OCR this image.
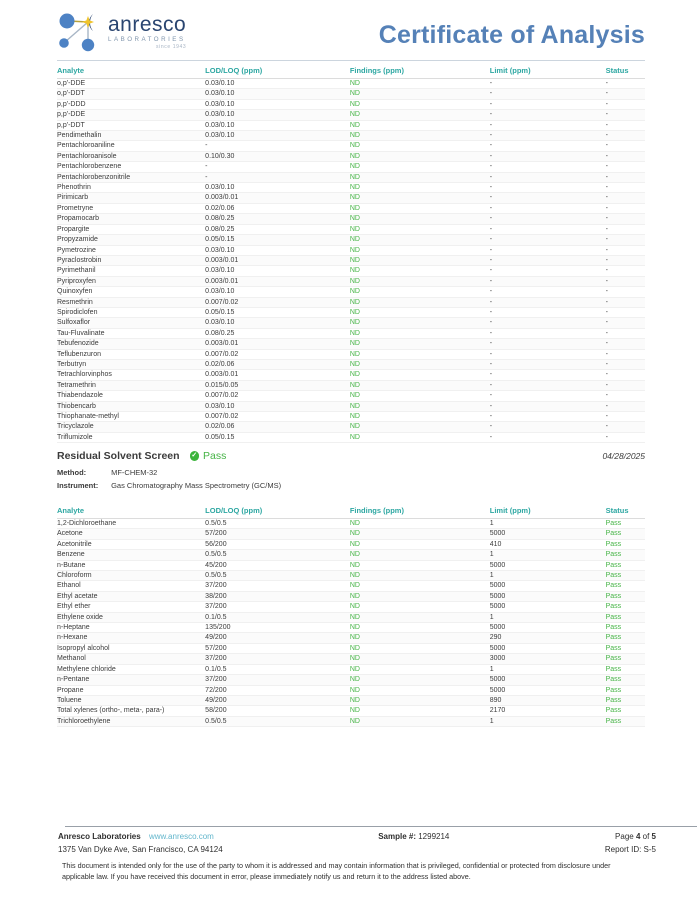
anresco
LABORATORIES
since 1943	Certificate of Analysis
Analyte	LOD/LOQ (ppm)	Findings (ppm)	Limit (ppm)	Status
o,p'-DDE	0.03/0.10	ND	-	-
o,p'-DDT	0.03/0.10	ND	-	-
p,p'-DDD	0.03/0.10	ND	-	-
p,p'-DDE	0.03/0.10	ND	-	-
p,p'-DDT	0.03/0.10	ND	-	-
Pendimethalin	0.03/0.10	ND	-	-
Pentachloroaniline	-	ND	-	-
Pentachloroanisole	0.10/0.30	ND	-	-
Pentachlorobenzene	-	ND	-	-
Pentachlorobenzonitrile	-	ND	-	-
Phenothrin	0.03/0.10	ND	-	-
Pirimicarb	0.003/0.01	ND	-	-
Prometryne	0.02/0.06	ND	-	-
Propamocarb	0.08/0.25	ND	-	-
Propargite	0.08/0.25	ND	-	-
Propyzamide	0.05/0.15	ND	-	-
Pymetrozine	0.03/0.10	ND	-	-
Pyraclostrobin	0.003/0.01	ND	-	-
Pyrimethanil	0.03/0.10	ND	-	-
Pyriproxyfen	0.003/0.01	ND	-	-
Quinoxyfen	0.03/0.10	ND	-	-
Resmethrin	0.007/0.02	ND	-	-
Spirodiclofen	0.05/0.15	ND	-	-
Sulfoxaflor	0.03/0.10	ND	-	-
Tau-Fluvalinate	0.08/0.25	ND	-	-
Tebufenozide	0.003/0.01	ND	-	-
Teflubenzuron	0.007/0.02	ND	-	-
Terbutryn	0.02/0.06	ND	-	-
Tetrachlorvinphos	0.003/0.01	ND	-	-
Tetramethrin	0.015/0.05	ND	-	-
Thiabendazole	0.007/0.02	ND	-	-
Thiobencarb	0.03/0.10	ND	-	-
Thiophanate-methyl	0.007/0.02	ND	-	-
Tricyclazole	0.02/0.06	ND	-	-
Triflumizole	0.05/0.15	ND	-	-
Residual Solvent Screen ✓ Pass	04/28/2025
Method:	MF-CHEM-32
Instrument: Gas Chromatography Mass Spectrometry (GC/MS)
Analyte	LOD/LOQ (ppm)	Findings (ppm)	Limit (ppm)	Status
1,2-Dichloroethane	0.5/0.5	ND	1	Pass
Acetone	57/200	ND	5000	Pass
Acetonitrile	56/200	ND	410	Pass
Benzene	0.5/0.5	ND	1	Pass
n-Butane	45/200	ND	5000	Pass
Chloroform	0.5/0.5	ND	1	Pass
Ethanol	37/200	ND	5000	Pass
Ethyl acetate	38/200	ND	5000	Pass
Ethyl ether	37/200	ND	5000	Pass
Ethylene oxide	0.1/0.5	ND	1	Pass
n-Heptane	135/200	ND	5000	Pass
n-Hexane	49/200	ND	290	Pass
Isopropyl alcohol	57/200	ND	5000	Pass
Methanol	37/200	ND	3000	Pass
Methylene chloride	0.1/0.5	ND	1	Pass
n-Pentane	37/200	ND	5000	Pass
Propane	72/200	ND	5000	Pass
Toluene	49/200	ND	890	Pass
Total xylenes (ortho-, meta-, para-)	58/200	ND	2170	Pass
Trichloroethylene	0.5/0.5	ND	1	Pass
Anresco Laboratories www.anresco.com
1375 Van Dyke Ave, San Francisco, CA 94124
Sample #: 1299214	Page 4 of 5
Report ID: S-5
This document is intended only for the use of the party to whom it is addressed and may contain information that is privileged, confidential or protected from disclosure under applicable law. If you have received this document in error, please immediately notify us and return it to the address listed above.
